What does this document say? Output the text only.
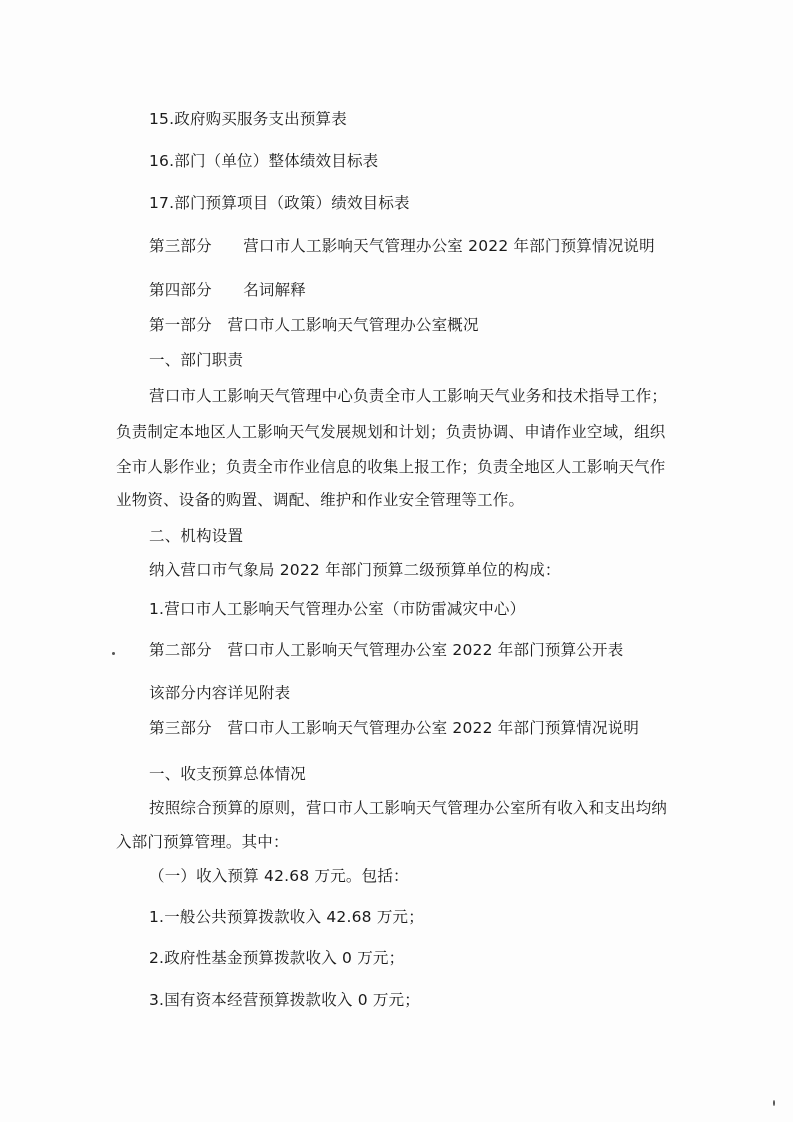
15.政府购买服务支出预算表
16.部门（单位）整体绩效目标表
17.部门预算项目（政策）绩效目标表
第三部分　　营口市人工影响天气管理办公室 2022 年部门预算情况说明
第四部分　　名词解释
第一部分　营口市人工影响天气管理办公室概况
一、部门职责
营口市人工影响天气管理中心负责全市人工影响天气业务和技术指导工作；
负责制定本地区人工影响天气发展规划和计划；负责协调、申请作业空域，组织
全市人影作业；负责全市作业信息的收集上报工作；负责全地区人工影响天气作
业物资、设备的购置、调配、维护和作业安全管理等工作。
二、机构设置
纳入营口市气象局 2022 年部门预算二级预算单位的构成：
1.营口市人工影响天气管理办公室（市防雷减灾中心）
第二部分　营口市人工影响天气管理办公室 2022 年部门预算公开表
该部分内容详见附表
第三部分　营口市人工影响天气管理办公室 2022 年部门预算情况说明
一、收支预算总体情况
按照综合预算的原则，营口市人工影响天气管理办公室所有收入和支出均纳
入部门预算管理。其中：
（一）收入预算 42.68 万元。包括：
1.一般公共预算拨款收入 42.68 万元；
2.政府性基金预算拨款收入 0 万元；
3.国有资本经营预算拨款收入 0 万元；
